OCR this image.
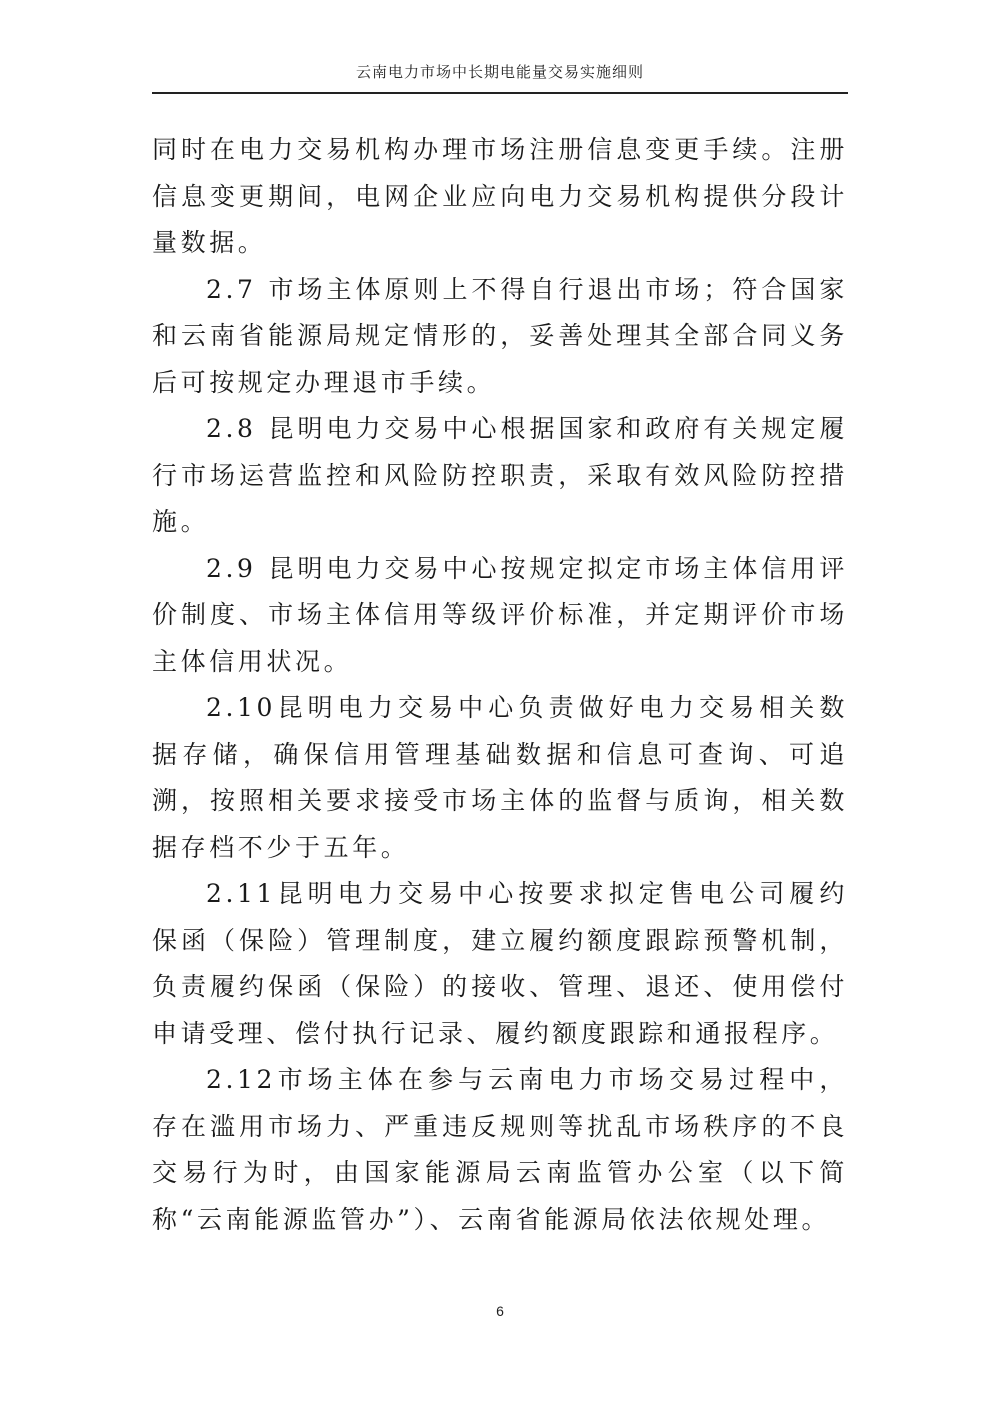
云南电力市场中长期电能量交易实施细则

同时在电力交易机构办理市场注册信息变更手续。注册信息变更期间，电网企业应向电力交易机构提供分段计量数据。

2.7 市场主体原则上不得自行退出市场；符合国家和云南省能源局规定情形的，妥善处理其全部合同义务后可按规定办理退市手续。

2.8 昆明电力交易中心根据国家和政府有关规定履行市场运营监控和风险防控职责，采取有效风险防控措施。

2.9 昆明电力交易中心按规定拟定市场主体信用评价制度、市场主体信用等级评价标准，并定期评价市场主体信用状况。

2.10昆明电力交易中心负责做好电力交易相关数据存储，确保信用管理基础数据和信息可查询、可追溯，按照相关要求接受市场主体的监督与质询，相关数据存档不少于五年。

2.11昆明电力交易中心按要求拟定售电公司履约保函（保险）管理制度，建立履约额度跟踪预警机制，负责履约保函（保险）的接收、管理、退还、使用偿付申请受理、偿付执行记录、履约额度跟踪和通报程序。

2.12市场主体在参与云南电力市场交易过程中，存在滥用市场力、严重违反规则等扰乱市场秩序的不良交易行为时，由国家能源局云南监管办公室（以下简称“云南能源监管办”）、云南省能源局依法依规处理。

6
